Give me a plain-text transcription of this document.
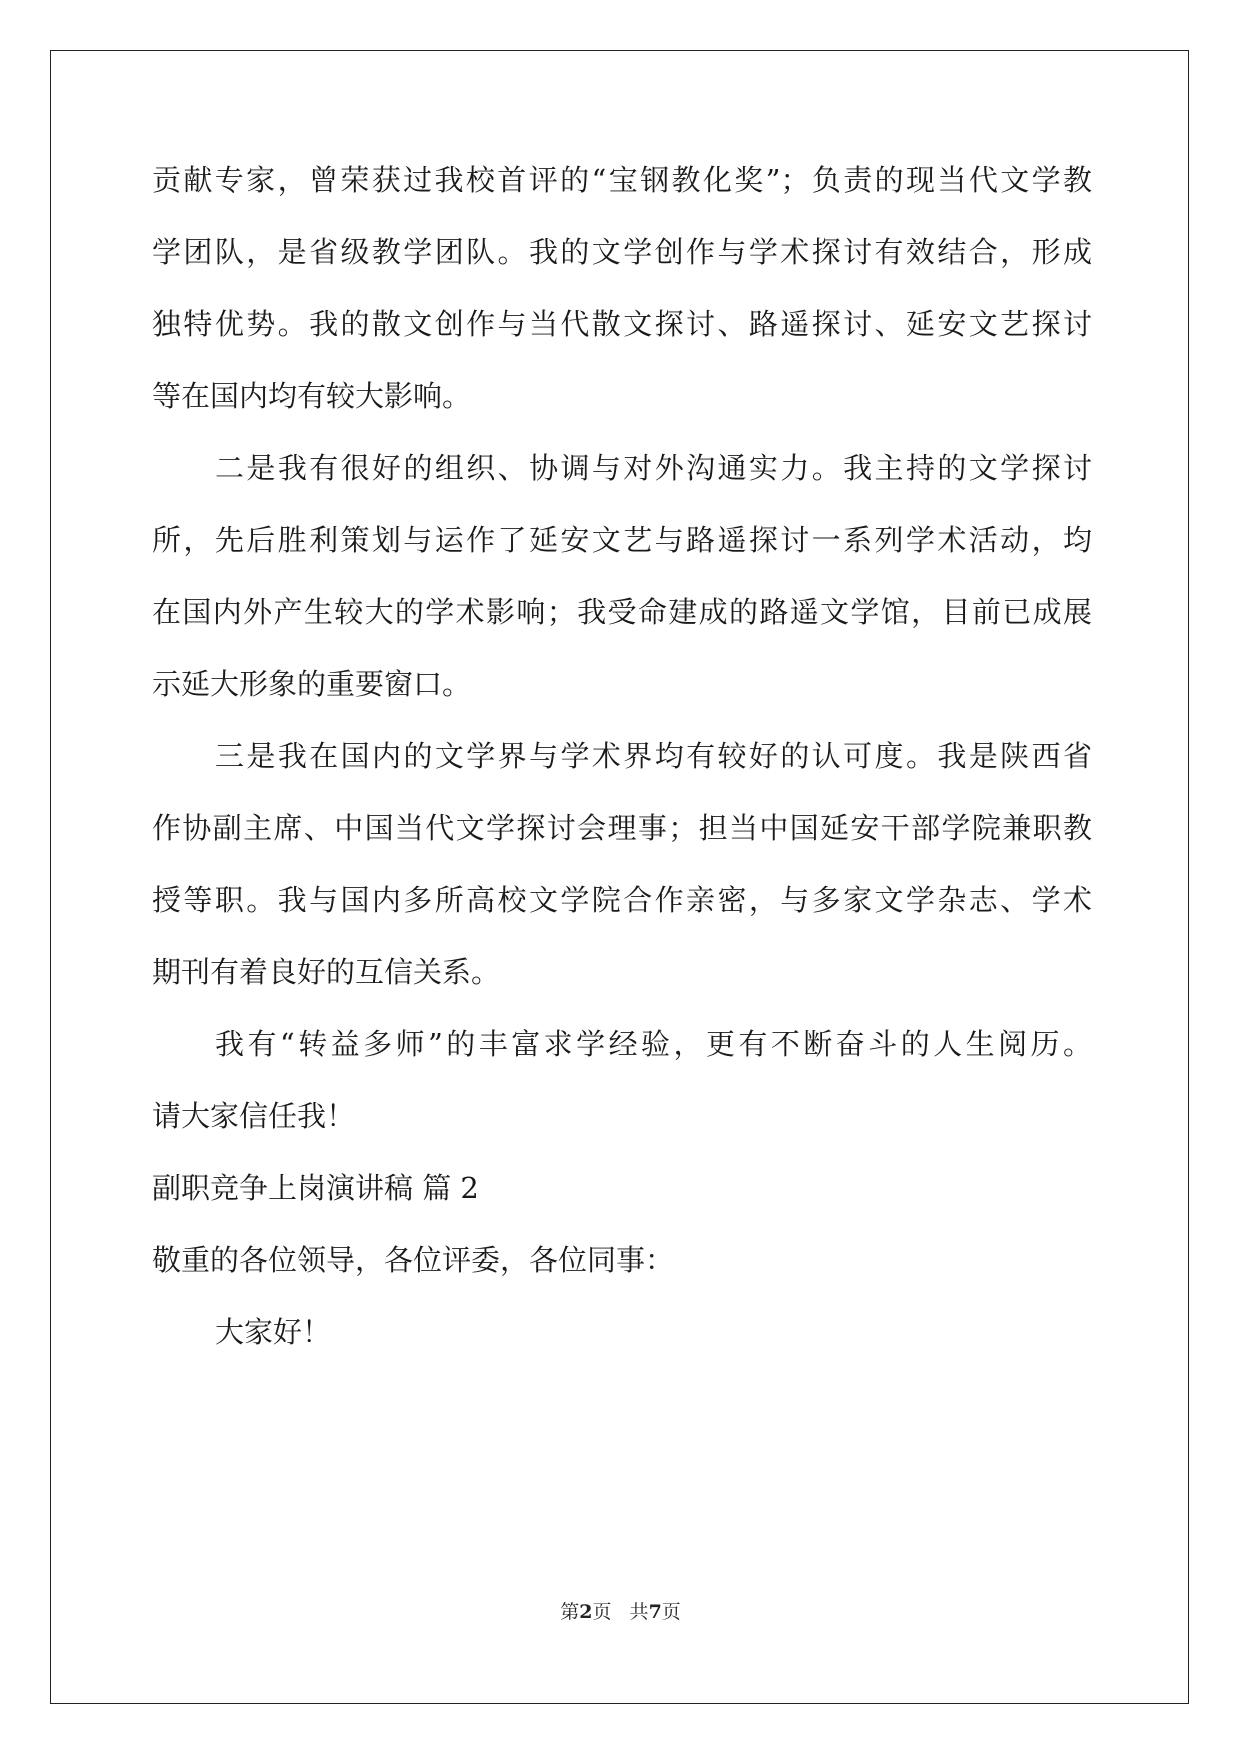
贡献专家，曾荣获过我校首评的“宝钢教化奖”；负责的现当代文学教
学团队，是省级教学团队。我的文学创作与学术探讨有效结合，形成
独特优势。我的散文创作与当代散文探讨、路遥探讨、延安文艺探讨
等在国内均有较大影响。
二是我有很好的组织、协调与对外沟通实力。我主持的文学探讨
所，先后胜利策划与运作了延安文艺与路遥探讨一系列学术活动，均
在国内外产生较大的学术影响；我受命建成的路遥文学馆，目前已成展
示延大形象的重要窗口。
三是我在国内的文学界与学术界均有较好的认可度。我是陕西省
作协副主席、中国当代文学探讨会理事；担当中国延安干部学院兼职教
授等职。我与国内多所高校文学院合作亲密，与多家文学杂志、学术
期刊有着良好的互信关系。
我有“转益多师”的丰富求学经验，更有不断奋斗的人生阅历。
请大家信任我！
副职竞争上岗演讲稿 篇 2
敬重的各位领导，各位评委，各位同事：
大家好！
第2页   共7页
